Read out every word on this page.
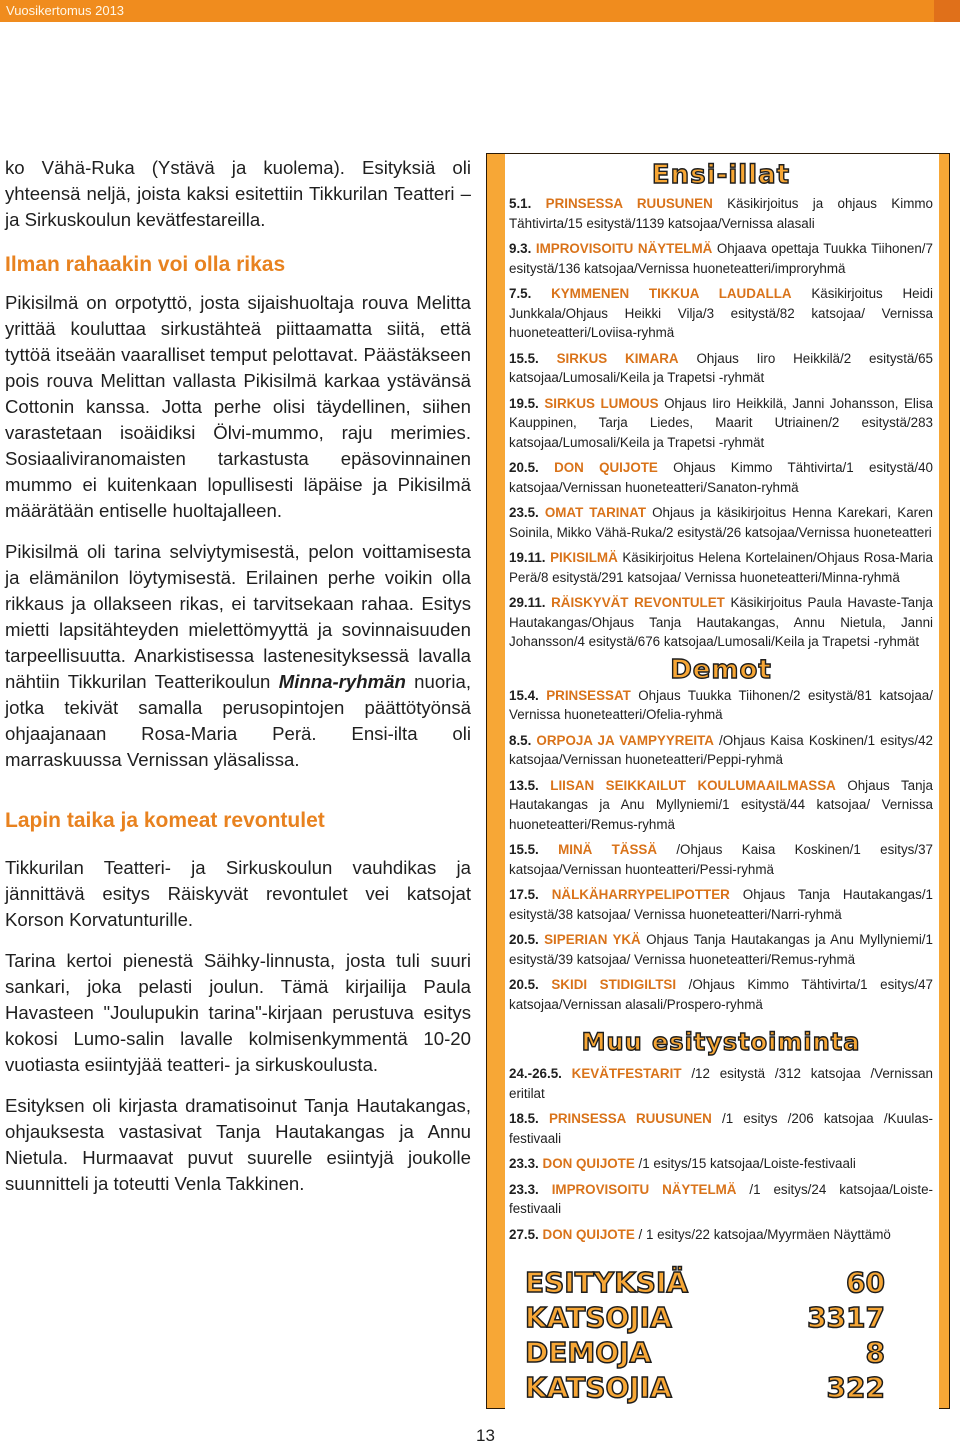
Vuosikertomus 2013

ko Vähä-Ruka (Ystävä ja kuolema). Esityksiä oli yhteensä neljä, joista kaksi esitettiin Tikkurilan Teatteri – ja Sirkuskoulun kevätfestareilla.

Ilman rahaakin voi olla rikas

Pikisilmä on orpotyttö, josta sijaishuoltaja rouva Melitta yrittää kouluttaa sirkustähteä piittaamatta siitä, että tyttöä itseään vaaralliset temput pelottavat. Päästäkseen pois rouva Melittan vallasta Pikisilmä karkaa ystävänsä Cottonin kanssa. Jotta perhe olisi täydellinen, siihen varastetaan isoäidiksi Ölvi-mummo, raju merimies. Sosiaaliviranomaisten tarkastusta epäsovinnainen mummo ei kuitenkaan lopullisesti läpäise ja Pikisilmä määrätään entiselle huoltajalleen.

Pikisilmä oli tarina selviytymisestä, pelon voittamisesta ja elämänilon löytymisestä. Erilainen perhe voikin olla rikkaus ja ollakseen rikas, ei tarvitsekaan rahaa. Esitys mietti lapsitähteyden mielettömyyttä ja sovinnaisuuden tarpeellisuutta. Anarkistisessa lastenesityksessä lavalla nähtiin Tikkurilan Teatterikoulun Minna-ryhmän nuoria, jotka tekivät samalla perusopintojen päättötyönsä ohjaajanaan Rosa-Maria Perä. Ensi-ilta oli marraskuussa Vernissan yläsalissa.

Lapin taika ja komeat revontulet

Tikkurilan Teatteri- ja Sirkuskoulun vauhdikas ja jännittävä esitys Räiskyvät revontulet vei katsojat Korson Korvatunturille.

Tarina kertoi pienestä Säihky-linnusta, josta tuli suuri sankari, joka pelasti joulun. Tämä kirjailija Paula Havasteen "Joulupukin tarina"-kirjaan perustuva esitys kokosi Lumo-salin lavalle kolmisenkymmentä 10-20 vuotiasta esiintyjää teatteri- ja sirkuskoulusta.

Esityksen oli kirjasta dramatisoinut Tanja Hautakangas, ohjauksesta vastasivat Tanja Hautakangas ja Annu Nietula. Hurmaavat puvut suurelle esiintyjä joukolle suunnitteli ja toteutti Venla Takkinen.

Ensi-illat

5.1. PRINSESSA RUUSUNEN Käsikirjoitus ja ohjaus Kimmo Tähtivirta/15 esitystä/1139 katsojaa/Vernissa alasali

9.3. IMPROVISOITU NÄYTELMÄ Ohjaava opettaja Tuukka Tiihonen/7 esitystä/136 katsojaa/Vernissa huoneteatteri/improryhmä

7.5. KYMMENEN TIKKUA LAUDALLA Käsikirjoitus Heidi Junkkala/Ohjaus Heikki Vilja/3 esitystä/82 katsojaa/ Vernissa huoneteatteri/Loviisa-ryhmä

15.5. SIRKUS KIMARA Ohjaus Iiro Heikkilä/2 esitystä/65 katsojaa/Lumosali/Keila ja Trapetsi -ryhmät

19.5. SIRKUS LUMOUS Ohjaus Iiro Heikkilä, Janni Johansson, Elisa Kauppinen, Tarja Liedes, Maarit Utriainen/2 esitystä/283 katsojaa/Lumosali/Keila ja Trapetsi -ryhmät

20.5. DON QUIJOTE Ohjaus Kimmo Tähtivirta/1 esitystä/40 katsojaa/Vernissan huoneteatteri/Sanaton-ryhmä

23.5. OMAT TARINAT Ohjaus ja käsikirjoitus Henna Karekari, Karen Soinila, Mikko Vähä-Ruka/2 esitystä/26 katsojaa/Vernissa huoneteatteri

19.11. PIKISILMÄ Käsikirjoitus Helena Kortelainen/Ohjaus Rosa-Maria Perä/8 esitystä/291 katsojaa/ Vernissa huoneteatteri/Minna-ryhmä

29.11. RÄISKYVÄT REVONTULET Käsikirjoitus Paula Havaste-Tanja Hautakangas/Ohjaus Tanja Hautakangas, Annu Nietula, Janni Johansson/4 esitystä/676 katsojaa/Lumosali/Keila ja Trapetsi -ryhmät

Demot

15.4. PRINSESSAT Ohjaus Tuukka Tiihonen/2 esitystä/81 katsojaa/ Vernissa huoneteatteri/Ofelia-ryhmä

8.5. ORPOJA JA VAMPYYREITA /Ohjaus Kaisa Koskinen/1 esitys/42 katsojaa/Vernissan huoneteatteri/Peppi-ryhmä

13.5. LIISAN SEIKKAILUT KOULUMAAILMASSA Ohjaus Tanja Hautakangas ja Anu Myllyniemi/1 esitystä/44 katsojaa/ Vernissa huoneteatteri/Remus-ryhmä

15.5. MINÄ TÄSSÄ /Ohjaus Kaisa Koskinen/1 esitys/37 katsojaa/Vernissan huonteatteri/Pessi-ryhmä

17.5. NÄLKÄHARRYPELIPOTTER Ohjaus Tanja Hautakangas/1 esitystä/38 katsojaa/ Vernissa huoneteatteri/Narri-ryhmä

20.5. SIPERIAN YKÄ Ohjaus Tanja Hautakangas ja Anu Myllyniemi/1 esitystä/39 katsojaa/ Vernissa huoneteatteri/Remus-ryhmä

20.5. SKIDI STIDIGILTSI /Ohjaus Kimmo Tähtivirta/1 esitys/47 katsojaa/Vernissan alasali/Prospero-ryhmä

Muu esitystoiminta

24.-26.5. KEVÄTFESTARIT /12 esitystä /312 katsojaa /Vernissan eritilat

18.5. PRINSESSA RUUSUNEN /1 esitys /206 katsojaa /Kuulas-festivaali

23.3. DON QUIJOTE /1 esitys/15 katsojaa/Loiste-festivaali

23.3. IMPROVISOITU NÄYTELMÄ /1 esitys/24 katsojaa/Loiste-festivaali

27.5. DON QUIJOTE / 1 esitys/22 katsojaa/Myyrmäen Näyttämö

ESITYKSIÄ	60
KATSOJIA	3317
DEMOJA	8
KATSOJIA	322
13
